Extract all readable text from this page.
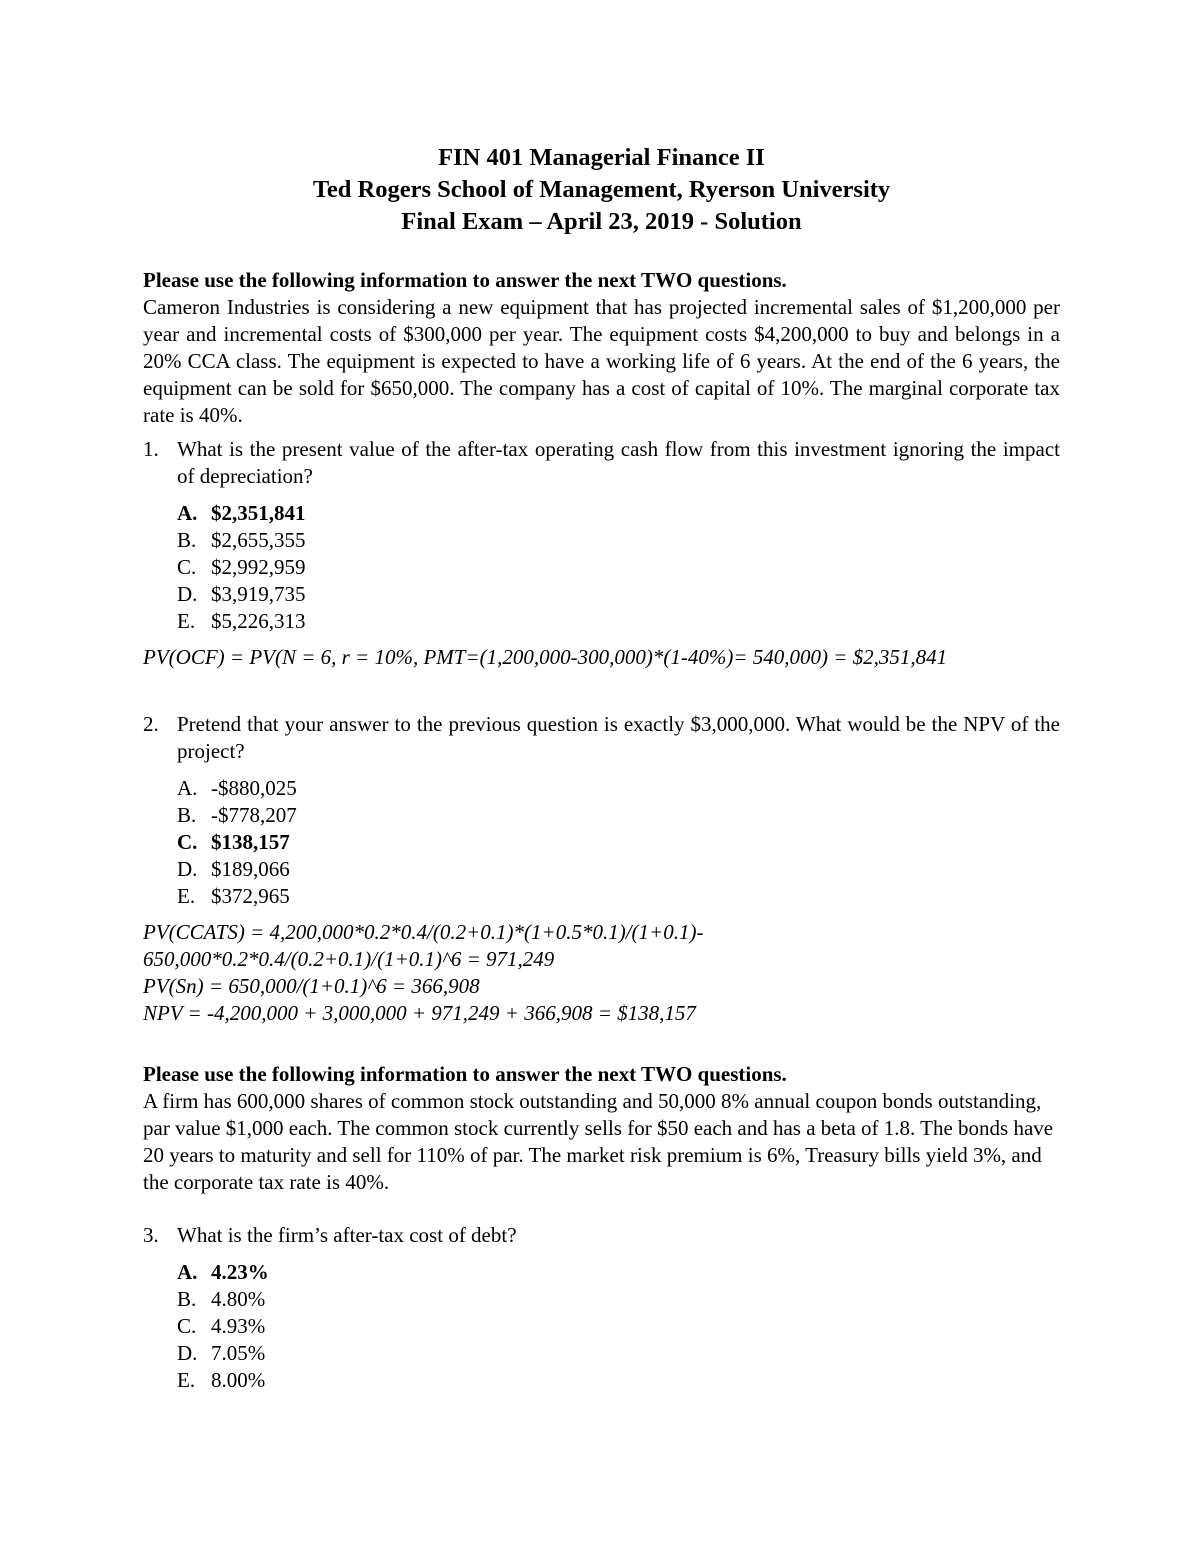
FIN 401 Managerial Finance II
Ted Rogers School of Management, Ryerson University
Final Exam – April 23, 2019 - Solution
Please use the following information to answer the next TWO questions.
Cameron Industries is considering a new equipment that has projected incremental sales of $1,200,000 per year and incremental costs of $300,000 per year. The equipment costs $4,200,000 to buy and belongs in a 20% CCA class. The equipment is expected to have a working life of 6 years. At the end of the 6 years, the equipment can be sold for $650,000. The company has a cost of capital of 10%. The marginal corporate tax rate is 40%.
1. What is the present value of the after-tax operating cash flow from this investment ignoring the impact of depreciation?
A. $2,351,841
B. $2,655,355
C. $2,992,959
D. $3,919,735
E. $5,226,313
PV(OCF) = PV(N = 6, r = 10%, PMT=(1,200,000-300,000)*(1-40%)= 540,000) = $2,351,841
2. Pretend that your answer to the previous question is exactly $3,000,000. What would be the NPV of the project?
A. -$880,025
B. -$778,207
C. $138,157
D. $189,066
E. $372,965
PV(CCATS) = 4,200,000*0.2*0.4/(0.2+0.1)*(1+0.5*0.1)/(1+0.1)-
650,000*0.2*0.4/(0.2+0.1)/(1+0.1)^6 = 971,249
PV(Sn) = 650,000/(1+0.1)^6 = 366,908
NPV = -4,200,000 + 3,000,000 + 971,249 + 366,908 = $138,157
Please use the following information to answer the next TWO questions.
A firm has 600,000 shares of common stock outstanding and 50,000 8% annual coupon bonds outstanding, par value $1,000 each. The common stock currently sells for $50 each and has a beta of 1.8. The bonds have 20 years to maturity and sell for 110% of par. The market risk premium is 6%, Treasury bills yield 3%, and the corporate tax rate is 40%.
3. What is the firm’s after-tax cost of debt?
A. 4.23%
B. 4.80%
C. 4.93%
D. 7.05%
E. 8.00%
